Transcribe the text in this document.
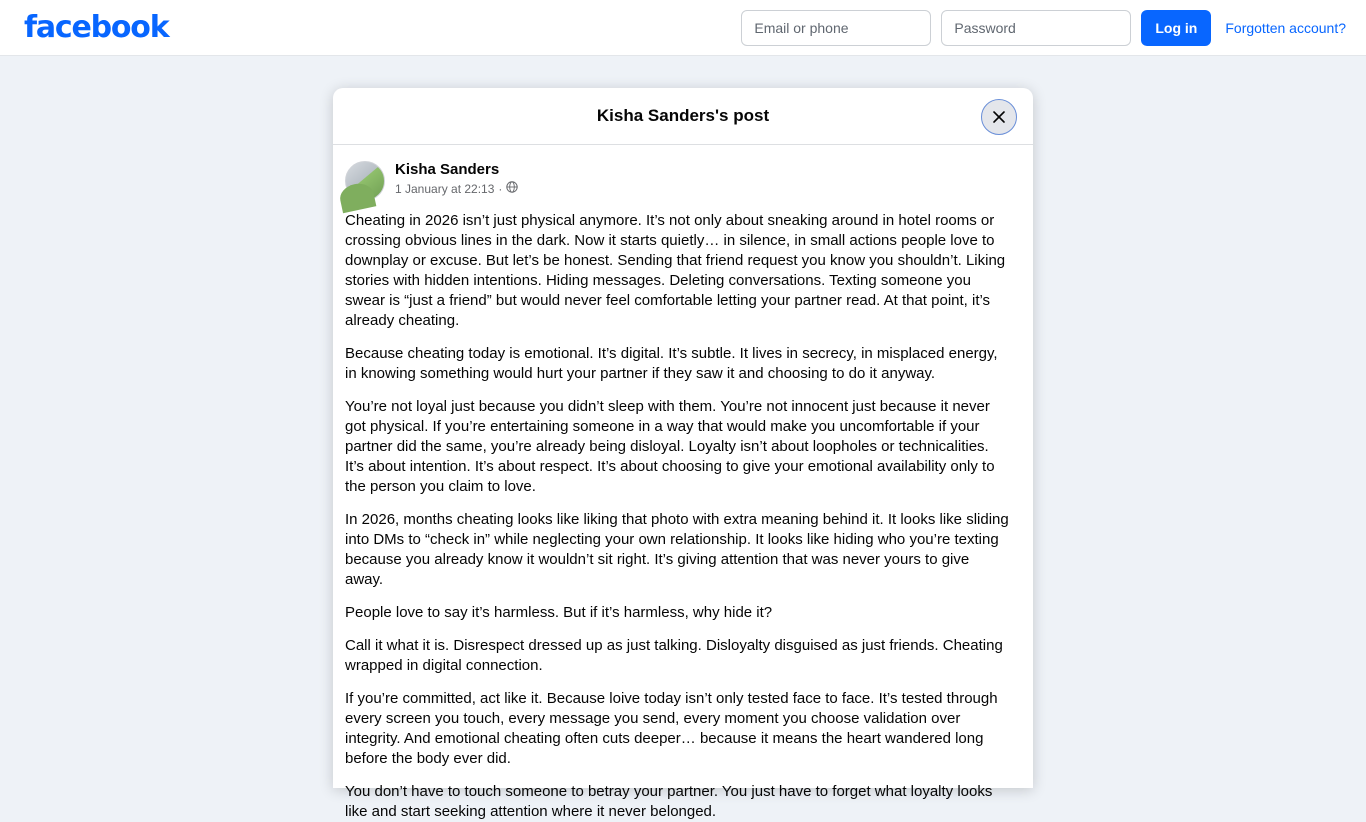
facebook
Email or phone	Log in	Forgotten account?
Kisha Sanders's post
Kisha Sanders
1 January at 22:13 ·

Cheating in 2026 isn’t just physical anymore. It’s not only about sneaking around in hotel rooms or crossing obvious lines in the dark. Now it starts quietly… in silence, in small actions people love to downplay or excuse. But let’s be honest. Sending that friend request you know you shouldn’t. Liking stories with hidden intentions. Hiding messages. Deleting conversations. Texting someone you swear is “just a friend” but would never feel comfortable letting your partner read. At that point, it’s already cheating.

Because cheating today is emotional. It’s digital. It’s subtle. It lives in secrecy, in misplaced energy, in knowing something would hurt your partner if they saw it and choosing to do it anyway.

You’re not loyal just because you didn’t sleep with them. You’re not innocent just because it never got physical. If you’re entertaining someone in a way that would make you uncomfortable if your partner did the same, you’re already being disloyal. Loyalty isn’t about loopholes or technicalities. It’s about intention. It’s about respect. It’s about choosing to give your emotional availability only to the person you claim to love.

In 2026, months cheating looks like liking that photo with extra meaning behind it. It looks like sliding into DMs to “check in” while neglecting your own relationship. It looks like hiding who you’re texting because you already know it wouldn’t sit right. It’s giving attention that was never yours to give away.

People love to say it’s harmless. But if it’s harmless, why hide it?

Call it what it is. Disrespect dressed up as just talking. Disloyalty disguised as just friends. Cheating wrapped in digital connection.

If you’re committed, act like it. Because loive today isn’t only tested face to face. It’s tested through every screen you touch, every message you send, every moment you choose validation over integrity. And emotional cheating often cuts deeper… because it means the heart wandered long before the body ever did.

You don’t have to touch someone to betray your partner. You just have to forget what loyalty looks like and start seeking attention where it never belonged.
